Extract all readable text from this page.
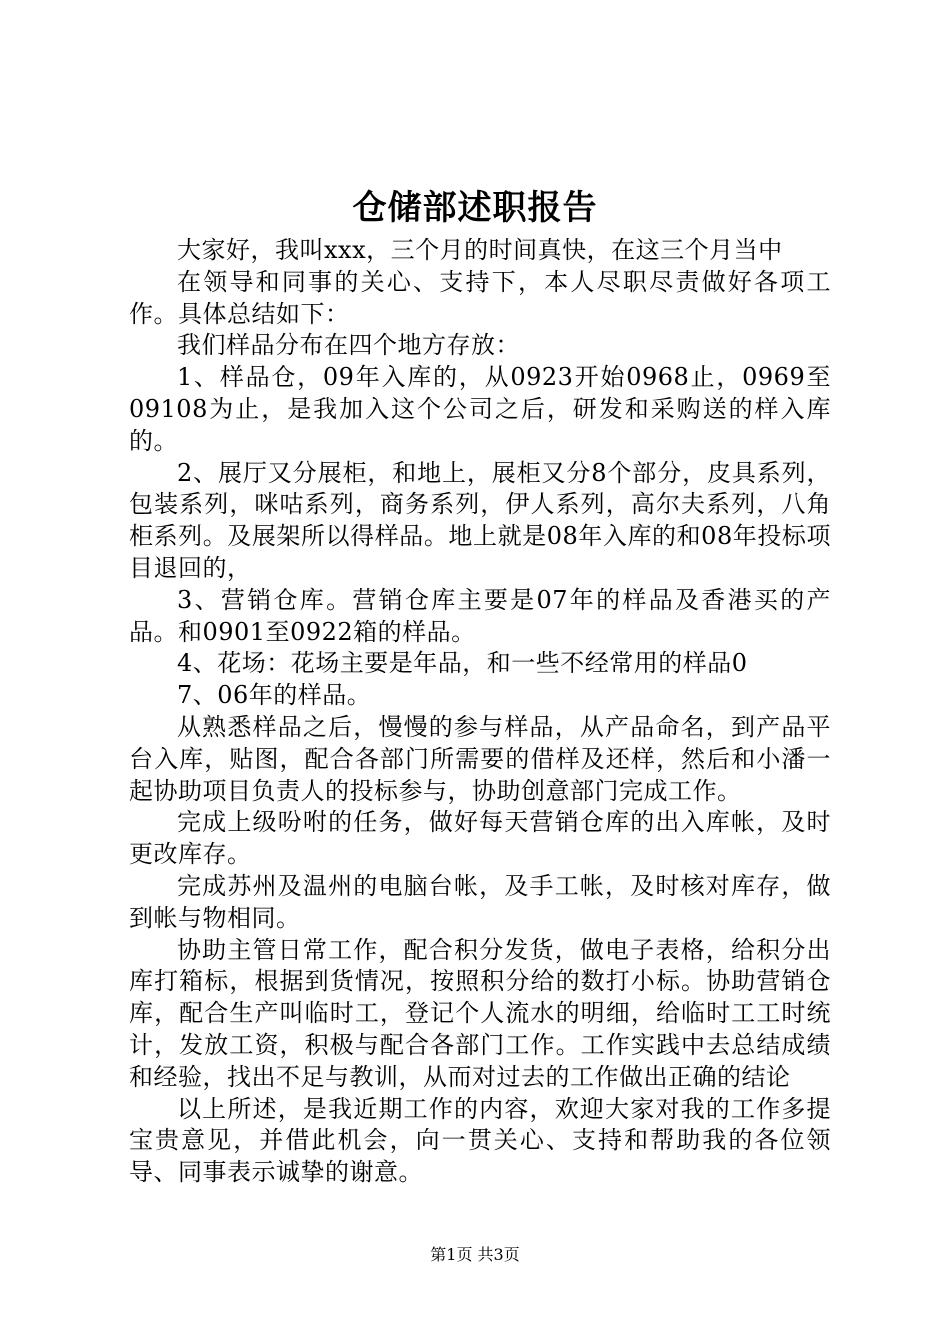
仓储部述职报告

大家好，我叫xxx，三个月的时间真快，在这三个月当中

在领导和同事的关心、支持下，本人尽职尽责做好各项工作。具体总结如下：

我们样品分布在四个地方存放：

1、样品仓，09年入库的，从0923开始0968止，0969至09108为止，是我加入这个公司之后，研发和采购送的样入库的。

2、展厅又分展柜，和地上，展柜又分8个部分，皮具系列，包装系列，咪咕系列，商务系列，伊人系列，高尔夫系列，八角柜系列。及展架所以得样品。地上就是08年入库的和08年投标项目退回的，

3、营销仓库。营销仓库主要是07年的样品及香港买的产品。和0901至0922箱的样品。

4、花场：花场主要是年品，和一些不经常用的样品0

7、06年的样品。

从熟悉样品之后，慢慢的参与样品，从产品命名，到产品平台入库，贴图，配合各部门所需要的借样及还样，然后和小潘一起协助项目负责人的投标参与，协助创意部门完成工作。

完成上级吩咐的任务，做好每天营销仓库的出入库帐，及时更改库存。

完成苏州及温州的电脑台帐，及手工帐，及时核对库存，做到帐与物相同。

协助主管日常工作，配合积分发货，做电子表格，给积分出库打箱标，根据到货情况，按照积分给的数打小标。协助营销仓库，配合生产叫临时工，登记个人流水的明细，给临时工工时统计，发放工资，积极与配合各部门工作。工作实践中去总结成绩和经验，找出不足与教训，从而对过去的工作做出正确的结论

以上所述，是我近期工作的内容，欢迎大家对我的工作多提宝贵意见，并借此机会，向一贯关心、支持和帮助我的各位领导、同事表示诚挚的谢意。

第1页 共3页
